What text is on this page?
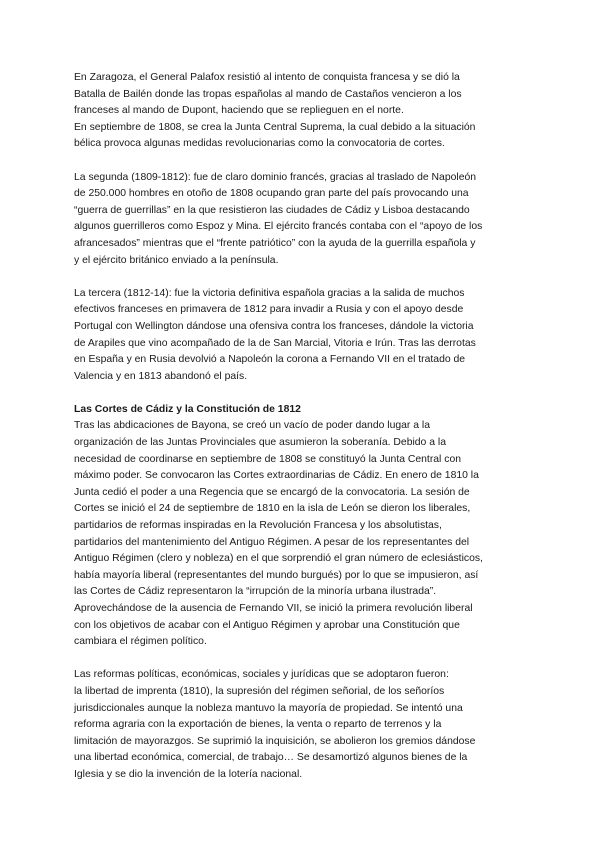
En Zaragoza, el General Palafox resistió al intento de conquista francesa y se dió la
Batalla de Bailén donde las tropas españolas al mando de Castaños vencieron a los
franceses al mando de Dupont, haciendo que se replieguen en el norte.
En septiembre de 1808, se crea la Junta Central Suprema, la cual debido a la situación
bélica provoca algunas medidas revolucionarias como la convocatoria de cortes.

La segunda (1809-1812): fue de claro dominio francés, gracias al traslado de Napoleón
de 250.000 hombres en otoño de 1808 ocupando gran parte del país provocando una
“guerra de guerrillas” en la que resistieron las ciudades de Cádiz y Lisboa destacando
algunos guerrilleros como Espoz y Mina. El ejército francés contaba con el “apoyo de los
afrancesados” mientras que el “frente patriótico” con la ayuda de la guerrilla española y
y el ejército británico enviado a la península.

La tercera (1812-14): fue la victoria definitiva española gracias a la salida de muchos
efectivos franceses en primavera de 1812 para invadir a Rusia y con el apoyo desde
Portugal con Wellington dándose una ofensiva contra los franceses, dándole la victoria
de Arapiles que vino acompañado de la de San Marcial, Vitoria e Irún. Tras las derrotas
en España y en Rusia devolvió a Napoleón la corona a Fernando VII en el tratado de
Valencia y en 1813 abandonó el país.

Las Cortes de Cádiz y la Constitución de 1812

Tras las abdicaciones de Bayona, se creó un vacío de poder dando lugar a la
organización de las Juntas Provinciales que asumieron la soberanía. Debido a la
necesidad de coordinarse en septiembre de 1808 se constituyó la Junta Central con
máximo poder. Se convocaron las Cortes extraordinarias de Cádiz. En enero de 1810 la
Junta cedió el poder a una Regencia que se encargó de la convocatoria. La sesión de
Cortes se inició el 24 de septiembre de 1810 en la isla de León se dieron los liberales,
partidarios de reformas inspiradas en la Revolución Francesa y los absolutistas,
partidarios del mantenimiento del Antiguo Régimen. A pesar de los representantes del
Antiguo Régimen (clero y nobleza) en el que sorprendió el gran número de eclesiásticos,
había mayoría liberal (representantes del mundo burgués) por lo que se impusieron, así
las Cortes de Cádiz representaron la “irrupción de la minoría urbana ilustrada”.
Aprovechándose de la ausencia de Fernando VII, se inició la primera revolución liberal
con los objetivos de acabar con el Antiguo Régimen y aprobar una Constitución que
cambiara el régimen político.

Las reformas políticas, económicas, sociales y jurídicas que se adoptaron fueron:
la libertad de imprenta (1810), la supresión del régimen señorial, de los señoríos
jurisdiccionales aunque la nobleza mantuvo la mayoría de propiedad. Se intentó una
reforma agraria con la exportación de bienes, la venta o reparto de terrenos y la
limitación de mayorazgos. Se suprimió la inquisición, se abolieron los gremios dándose
una libertad económica, comercial, de trabajo… Se desamortizó algunos bienes de la
Iglesia y se dio la invención de la lotería nacional.
